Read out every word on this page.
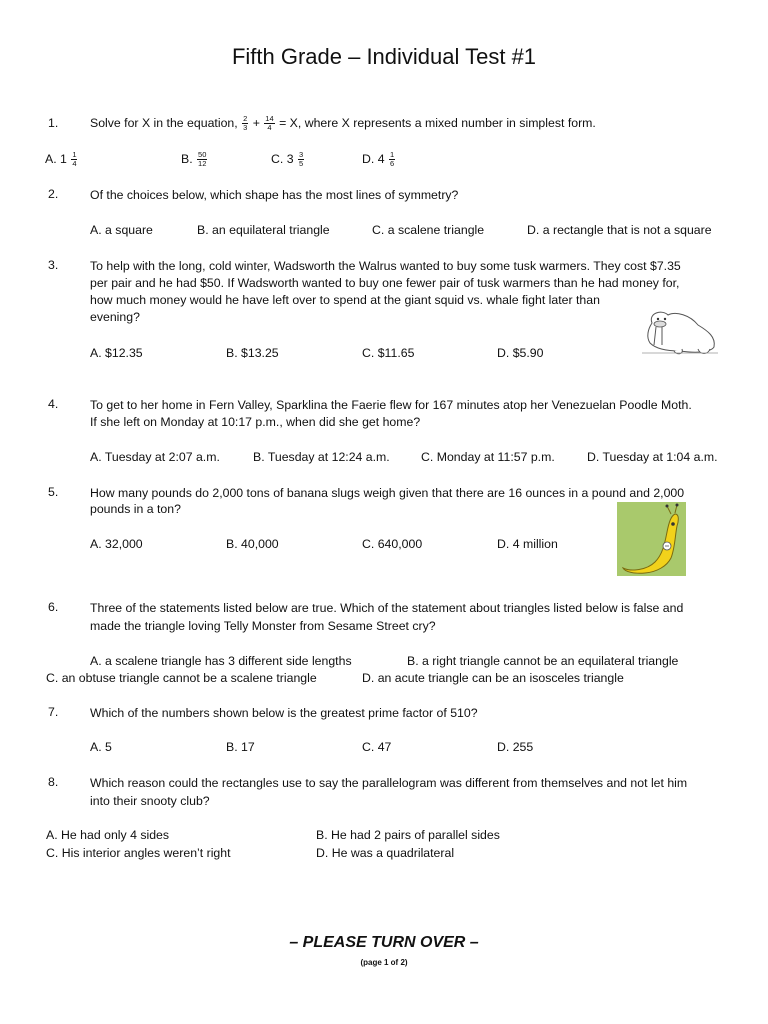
Fifth Grade – Individual Test #1
1.	Solve for X in the equation, $\frac{2}{3} + \frac{14}{4} = X$, where X represents a mixed number in simplest form.
A. $1 \frac{1}{4}$	B. $\frac{50}{12}$	C. $3 \frac{3}{5}$	D. $4 \frac{1}{6}$
2.	Of the choices below, which shape has the most lines of symmetry?
A. a square	B. an equilateral triangle	C. a scalene triangle	D. a rectangle that is not a square
3.	To help with the long, cold winter, Wadsworth the Walrus wanted to buy some tusk warmers. They cost $7.35
per pair and he had $50. If Wadsworth wanted to buy one fewer pair of tusk warmers than he had money for,
how much money would he have left over to spend at the giant squid vs. whale fight later than
evening?
A. $12.35	B. $13.25	C. $11.65	D. $5.90
4.	To get to her home in Fern Valley, Sparklina the Faerie flew for 167 minutes atop her Venezuelan Poodle Moth.
If she left on Monday at 10:17 p.m., when did she get home?
A. Tuesday at 2:07 a.m.	B. Tuesday at 12:24 a.m.	C. Monday at 11:57 p.m.	D. Tuesday at 1:04 a.m.
5.	How many pounds do 2,000 tons of banana slugs weigh given that there are 16 ounces in a pound and 2,000
pounds in a ton?
A. 32,000	B. 40,000	C. 640,000	D. 4 million
6.	Three of the statements listed below are true. Which of the statement about triangles listed below is false and
made the triangle loving Telly Monster from Sesame Street cry?
A. a scalene triangle has 3 different side lengths	B. a right triangle cannot be an equilateral triangle
C. an obtuse triangle cannot be a scalene triangle	D. an acute triangle can be an isosceles triangle
7.	Which of the numbers shown below is the greatest prime factor of 510?
A. 5	B. 17	C. 47	D. 255
8.	Which reason could the rectangles use to say the parallelogram was different from themselves and not let him
into their snooty club?
A. He had only 4 sides	B. He had 2 pairs of parallel sides
C. His interior angles weren’t right	D. He was a quadrilateral
– PLEASE TURN OVER –
(page 1 of 2)
